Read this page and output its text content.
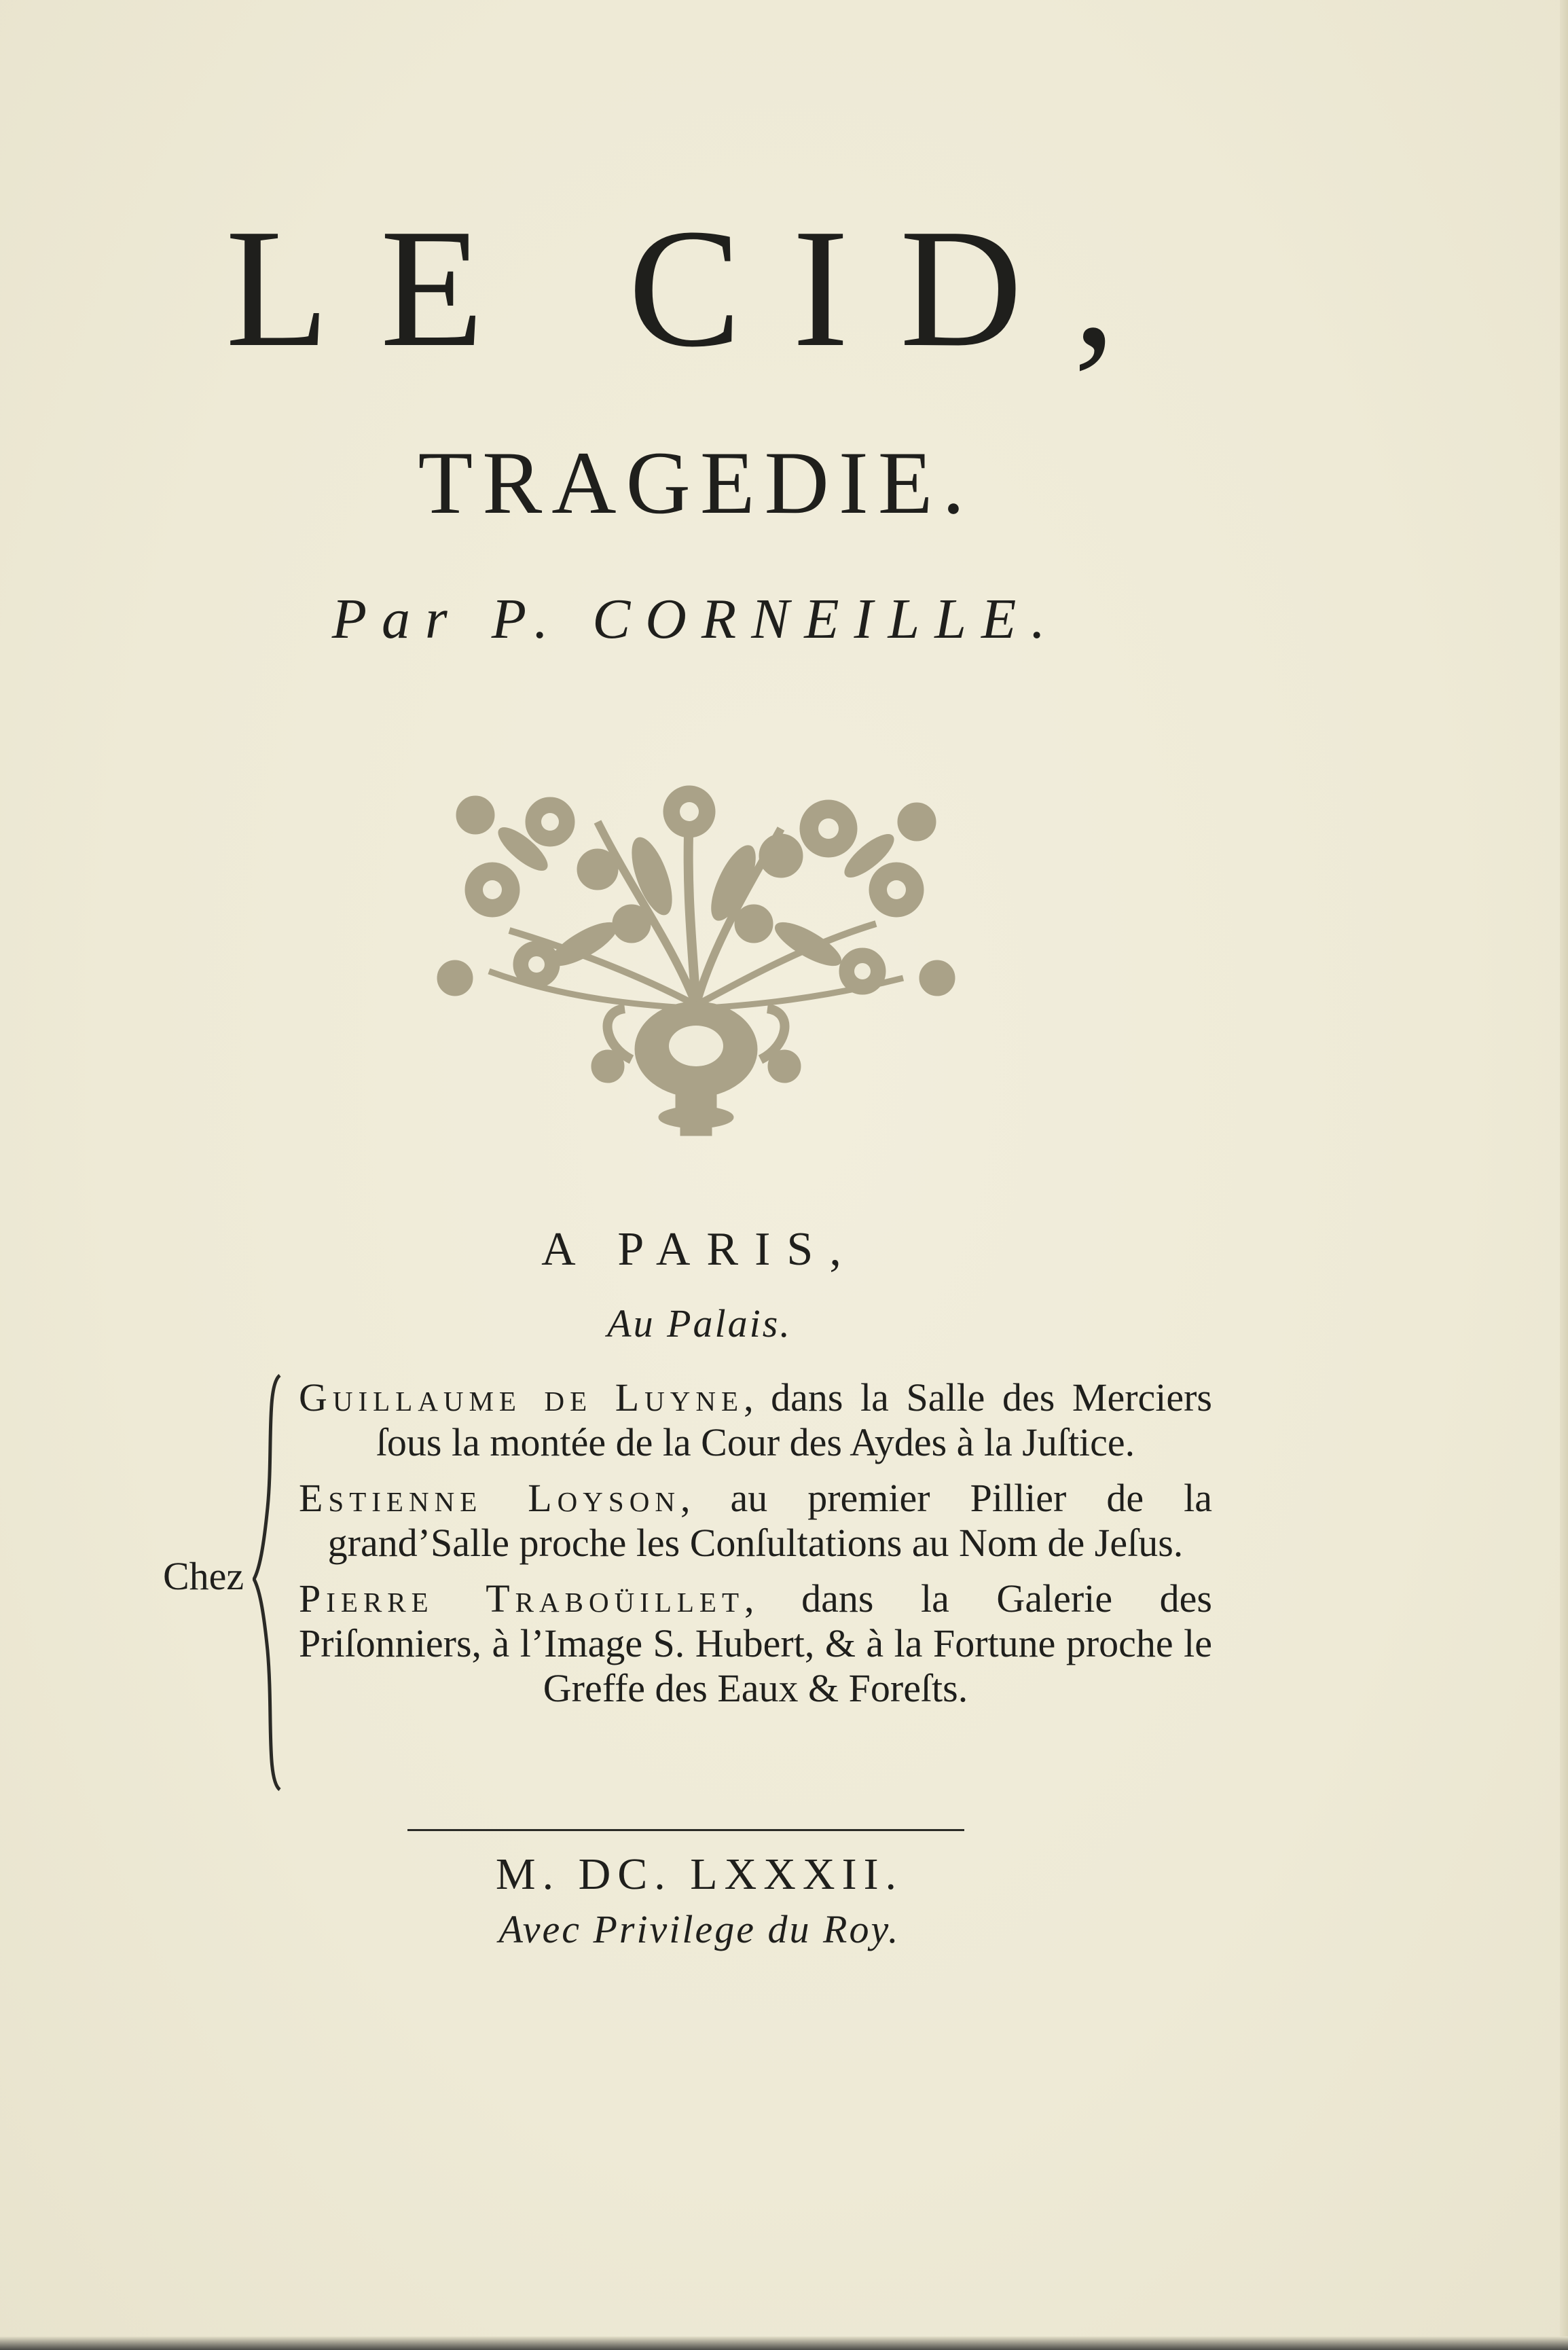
LE CID,
TRAGEDIE.
Par P. CORNEILLE.
A PARIS,
Au Palais.
Chez
Guillaume de Luyne, dans la Salle des Merciers ſous la montée de la Cour des Aydes à la Juſtice.
Estienne Loyson, au premier Pillier de la grand’Salle proche les Conſultations au Nom de Jeſus.
Pierre Traboüillet, dans la Galerie des Priſonniers, à l’Image S. Hubert, & à la Fortune proche le Greffe des Eaux & Foreſts.
M. DC. LXXXII.
Avec Privilege du Roy.
